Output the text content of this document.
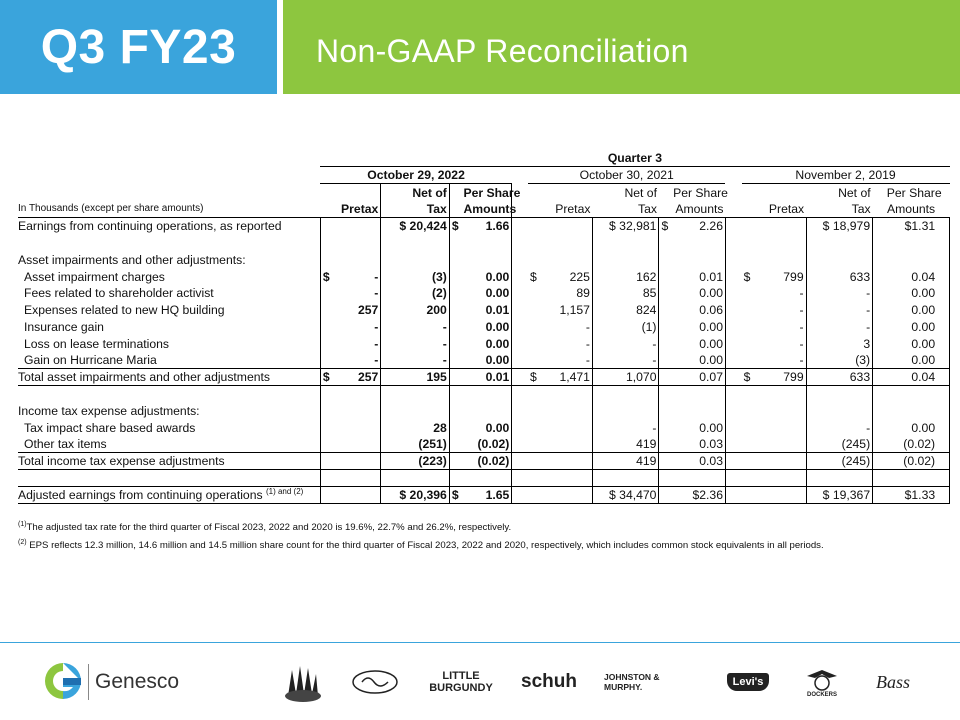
Q3 FY23	Non-GAAP Reconciliation
	Quarter 3																	
	October 29, 2022						October 30, 2021						November 2, 2019					
			Net of		Per Share				Net of		Per Share				Net of		Per Share	
In Thousands (except per share amounts)	Pretax		Tax		Amounts		Pretax		Tax		Amounts		Pretax		Tax		Amounts	
Earnings from continuing operations, as reported			$ 20,424	$	1.66				$ 32,981	$	2.26				$ 18,979		$1.31	

Asset impairments and other adjustments:																		
Asset impairment charges	$	-	(3)		0.00		$	225	162		0.01		$	799	633		0.04	
Fees related to shareholder activist		-	(2)		0.00			89	85		0.00			-	-		0.00	
Expenses related to new HQ building		257	200		0.01			1,157	824		0.06			-	-		0.00	
Insurance gain		-	-		0.00			-	(1)		0.00			-	-		0.00	
Loss on lease terminations		-	-		0.00			-	-		0.00			-	3		0.00	
Gain on Hurricane Maria		-	-		0.00			-	-		0.00			-	(3)		0.00	
Total asset impairments and other adjustments	$	257	195		0.01		$	1,471	1,070		0.07		$	799	633		0.04	

Income tax expense adjustments:																		
Tax impact share based awards			28		0.00				-		0.00				-		0.00	
Other tax items			(251)		(0.02)				419		0.03				(245)		(0.02)	
Total income tax expense adjustments			(223)		(0.02)				419		0.03				(245)		(0.02)	

Adjusted earnings from continuing operations $^{(1) and (2)}$			$ 20,396	$	1.65				$ 34,470		$2.36				$ 19,367		$1.33	
$^{(1)}$The adjusted tax rate for the third quarter of Fiscal 2023, 2022 and 2020 is 19.6%, 22.7% and 26.2%, respectively.
$^{(2)}$ EPS reflects 12.3 million, 14.6 million and 14.5 million share count for the third quarter of Fiscal 2023, 2022 and 2020, respectively, which includes common stock equivalents in all periods.
Genesco	LITTLE
BURGUNDY schuh	JOHNSTON & MURPHY.	Levi's
DOCKERS
Bass
